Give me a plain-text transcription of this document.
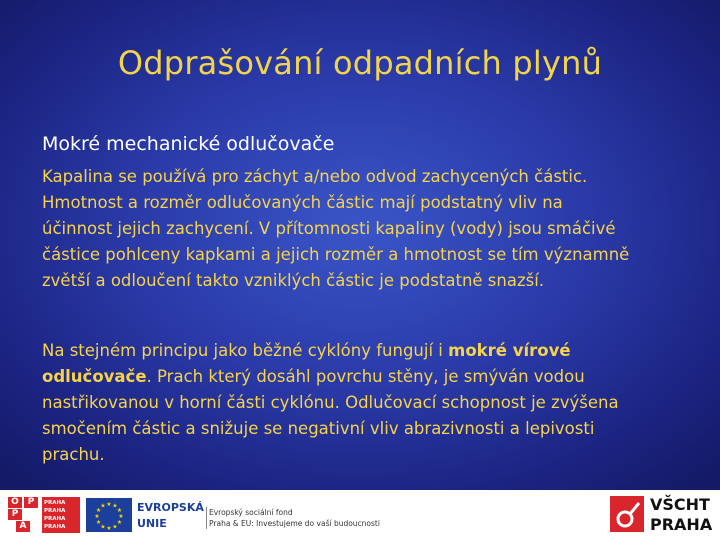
Odprašování odpadních plynů
Mokré mechanické odlučovače

Kapalina se používá pro záchyt a/nebo odvod zachycených částic.
Hmotnost a rozměr odlučovaných částic mají podstatný vliv na
účinnost jejich zachycení. V přítomnosti kapaliny (vody) jsou smáčivé
částice pohlceny kapkami a jejich rozměr a hmotnost se tím významně
zvětší a odloučení takto vzniklých částic je podstatně snazší.

Na stejném principu jako běžné cyklóny fungují i mokré vírové
odlučovače. Prach který dosáhl povrchu stěny, je smýván vodou
nastřikovanou v horní části cyklónu. Odlučovací schopnost je zvýšena
smočením částic a snižuje se negativní vliv abrazivnosti a lepivosti
prachu.

O P
P
A
PRAHA
PRAHA
PRAHA
PRAHA
★ ★
★
★
★
★
★
★
★
★
★
★	EVROPSKÁ
UNIE
Evropský sociální fond
Praha & EU: Investujeme do vaší budoucnosti
VŠCHT
PRAHA
